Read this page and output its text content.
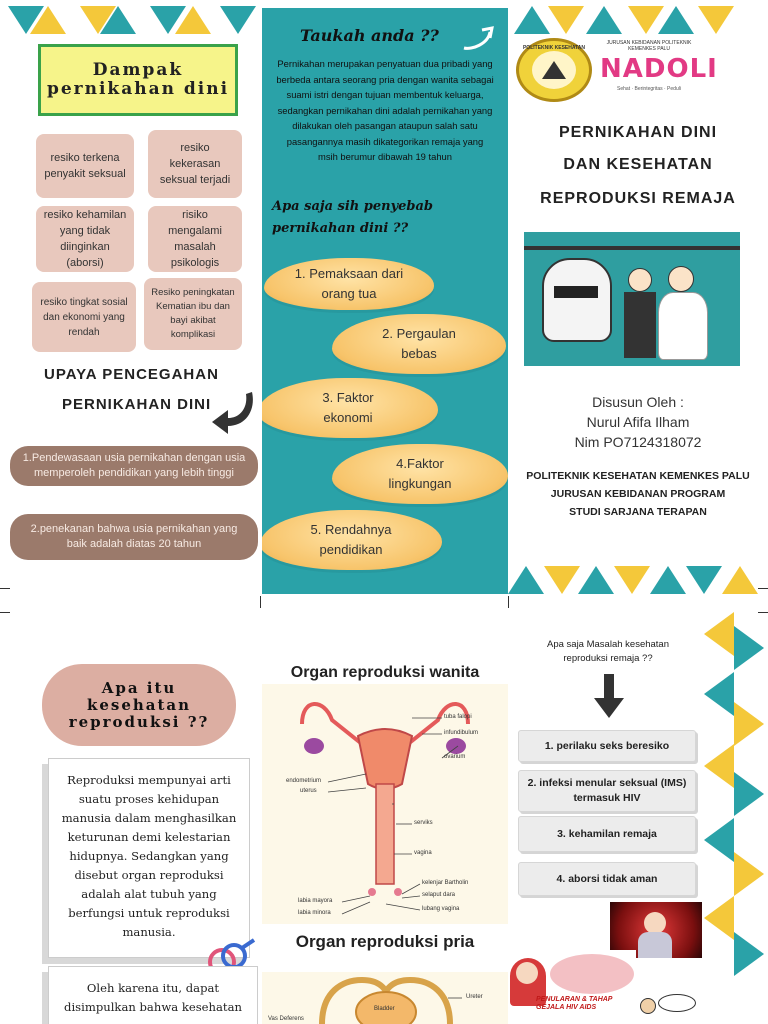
Dampak pernikahan dini
resiko terkena penyakit seksual
resiko kekerasan seksual terjadi
resiko kehamilan yang tidak diinginkan (aborsi)
risiko mengalami masalah psikologis
resiko tingkat sosial dan ekonomi yang rendah
Resiko peningkatan Kematian ibu dan bayi akibat komplikasi
UPAYA PENCEGAHAN
PERNIKAHAN DINI
1.Pendewasaan usia pernikahan dengan usia memperoleh pendidikan yang lebih tinggi
2.penekanan bahwa usia pernikahan yang baik adalah diatas 20 tahun
Taukah anda ??
Pernikahan merupakan penyatuan dua pribadi yang berbeda antara seorang pria dengan wanita sebagai suami istri dengan tujuan membentuk keluarga, sedangkan pernikahan dini adalah pernikahan yang dilakukan oleh pasangan ataupun salah satu pasangannya masih dikategorikan remaja yang msih berumur dibawah 19 tahun
Apa saja sih penyebab pernikahan dini ??
1. Pemaksaan dari orang tua
2. Pergaulan bebas
3. Faktor ekonomi
4.Faktor lingkungan
5. Rendahnya pendidikan
POLITEKNIK KESEHATAN
JURUSAN KEBIDANAN POLITEKNIK KEMENKES PALU
NADOLI
Sehat · Berintegritas · Peduli
PERNIKAHAN DINI
DAN KESEHATAN
REPRODUKSI REMAJA
Disusun Oleh :
Nurul Afifa Ilham
Nim PO7124318072
POLITEKNIK KESEHATAN KEMENKES PALU
JURUSAN KEBIDANAN PROGRAM
STUDI SARJANA TERAPAN
Apa itu kesehatan reproduksi ??
Reproduksi mempunyai arti suatu proses kehidupan manusia dalam menghasilkan keturunan demi kelestarian hidupnya. Sedangkan yang disebut organ reproduksi adalah alat tubuh yang berfungsi untuk reproduksi manusia.
Oleh karena itu, dapat disimpulkan bahwa kesehatan
Organ reproduksi wanita
tuba falopi
infundibulum
ovarium
endometrium
uterus
serviks
vagina
kelenjar Bartholin
selaput dara
lubang vagina
labia mayora
labia minora
Organ reproduksi pria
Ureter
Vas Deferens
Bladder
Apa saja Masalah kesehatan reproduksi remaja ??
1. perilaku seks beresiko
2. infeksi menular seksual (IMS) termasuk HIV
3. kehamilan remaja
4. aborsi tidak aman
PENULARAN & TAHAP GEJALA HIV AIDS
